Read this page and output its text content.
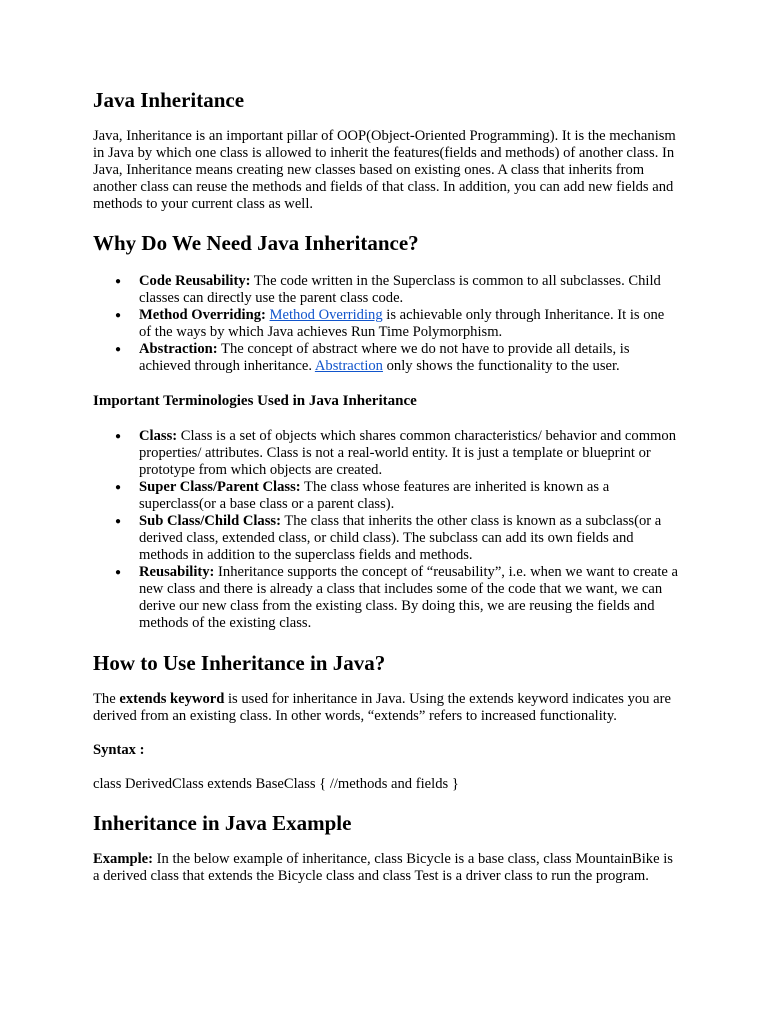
Java Inheritance

Java, Inheritance is an important pillar of OOP(Object-Oriented Programming). It is the mechanism in Java by which one class is allowed to inherit the features(fields and methods) of another class. In Java, Inheritance means creating new classes based on existing ones. A class that inherits from another class can reuse the methods and fields of that class. In addition, you can add new fields and methods to your current class as well.

Why Do We Need Java Inheritance?
● Code Reusability: The code written in the Superclass is common to all subclasses. Child classes can directly use the parent class code.
● Method Overriding: Method Overriding is achievable only through Inheritance. It is one of the ways by which Java achieves Run Time Polymorphism.
● Abstraction: The concept of abstract where we do not have to provide all details, is achieved through inheritance. Abstraction only shows the functionality to the user.
Important Terminologies Used in Java Inheritance
● Class: Class is a set of objects which shares common characteristics/ behavior and common properties/ attributes. Class is not a real-world entity. It is just a template or blueprint or prototype from which objects are created.
● Super Class/Parent Class: The class whose features are inherited is known as a superclass(or a base class or a parent class).
● Sub Class/Child Class: The class that inherits the other class is known as a subclass(or a derived class, extended class, or child class). The subclass can add its own fields and methods in addition to the superclass fields and methods.
● Reusability: Inheritance supports the concept of “reusability”, i.e. when we want to create a new class and there is already a class that includes some of the code that we want, we can derive our new class from the existing class. By doing this, we are reusing the fields and methods of the existing class.
How to Use Inheritance in Java?

The extends keyword is used for inheritance in Java. Using the extends keyword indicates you are derived from an existing class. In other words, “extends” refers to increased functionality.

Syntax :

class DerivedClass extends BaseClass { //methods and fields }

Inheritance in Java Example

Example: In the below example of inheritance, class Bicycle is a base class, class MountainBike is a derived class that extends the Bicycle class and class Test is a driver class to run the program.
